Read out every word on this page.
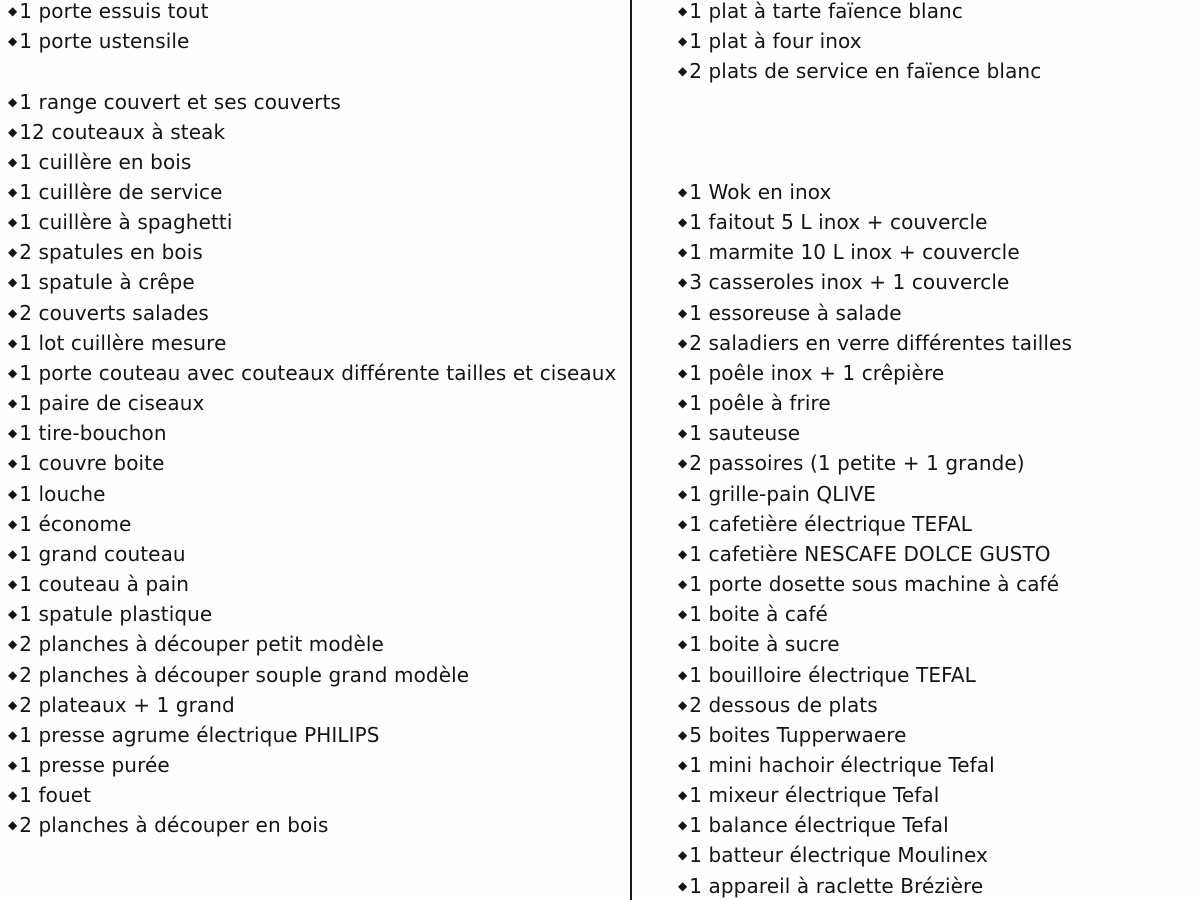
◆ 1 porte essuis tout
◆ 1 porte ustensile
◆ 1 range couvert et ses couverts
◆ 12 couteaux à steak
◆ 1 cuillère en bois
◆ 1 cuillère de service
◆ 1 cuillère à spaghetti
◆ 2 spatules en bois
◆ 1 spatule à crêpe
◆ 2 couverts salades
◆ 1 lot cuillère mesure
◆ 1 porte couteau avec couteaux différente tailles et ciseaux
◆ 1 paire de ciseaux
◆ 1 tire-bouchon
◆ 1 couvre boite
◆ 1 louche
◆ 1 économe
◆ 1 grand couteau
◆ 1 couteau à pain
◆ 1 spatule plastique
◆ 2 planches à découper petit modèle
◆ 2 planches à découper souple grand modèle
◆ 2 plateaux + 1 grand
◆ 1 presse agrume électrique PHILIPS
◆ 1 presse purée
◆ 1 fouet
◆ 2 planches à découper en bois
◆ 1 plat à tarte faïence blanc
◆ 1 plat à four inox
◆ 2 plats de service en faïence blanc
◆ 1 Wok en inox
◆ 1 faitout 5 L inox + couvercle
◆ 1 marmite 10 L inox + couvercle
◆ 3 casseroles inox + 1 couvercle
◆ 1 essoreuse à salade
◆ 2 saladiers en verre différentes tailles
◆ 1 poêle inox + 1 crêpière
◆ 1 poêle à frire
◆ 1 sauteuse
◆ 2 passoires (1 petite + 1 grande)
◆ 1 grille-pain QLIVE
◆ 1 cafetière électrique TEFAL
◆ 1 cafetière NESCAFE DOLCE GUSTO
◆ 1 porte dosette sous machine à café
◆ 1 boite à café
◆ 1 boite à sucre
◆ 1 bouilloire électrique TEFAL
◆ 2 dessous de plats
◆ 5 boites Tupperwaere
◆ 1 mini hachoir électrique Tefal
◆ 1 mixeur électrique Tefal
◆ 1 balance électrique Tefal
◆ 1 batteur électrique Moulinex
◆ 1 appareil à raclette Brézière
